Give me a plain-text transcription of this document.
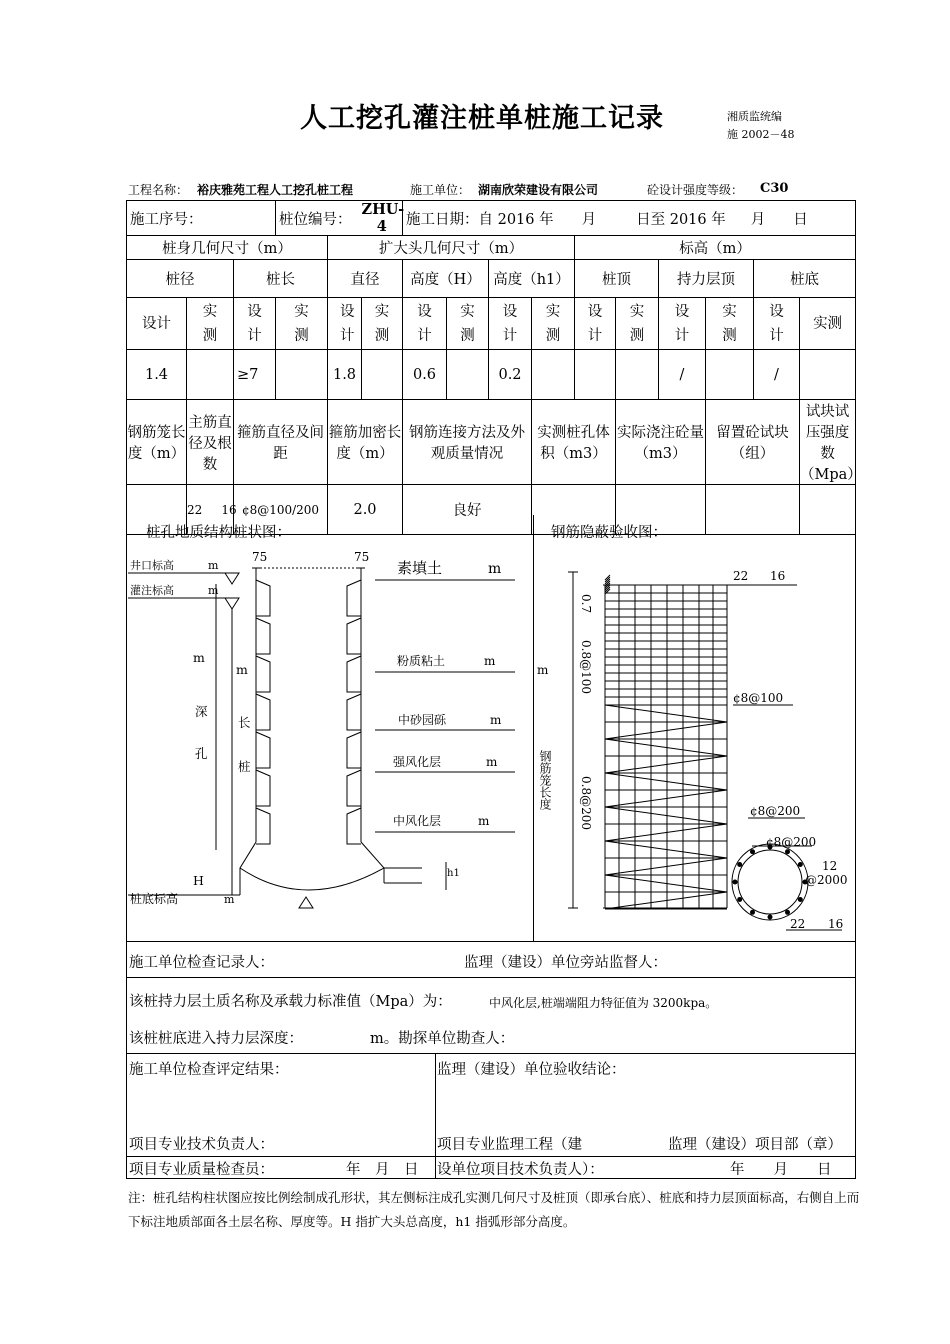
人工挖孔灌注桩单桩施工记录	湘质监统编
施 2002－48
工程名称： 裕庆雅苑工程人工挖孔桩工程	施工单位： 湖南欣荣建设有限公司	砼设计强度等级： C30
施工序号：			桩位编号：		ZHU-4	施工日期：自 2016 年 月 日至 2016 年 月 日									
桩身几何尺寸（m）				扩大头几何尺寸（m）						标高（m）					
桩径		桩长		直径		高度（H）		高度（h1）		桩顶		持力层顶		桩底	
设计	实测	设计	实测	设计	实测	设计	实测	设计	实测	设计	实测	设计	实测	设计	实测
1.4		≥7		1.8		0.6		0.2				/		/	
钢筋笼长度（m）	主筋直径及根数	箍筋直径及间距		箍筋加密长度（m）		钢筋连接方法及外观质量情况			实测桩孔体积（m3）		实际浇注砼量（m3）		留置砼试块（组）		试块试压强度数（Mpa）
	22 16	¢8@100/200		2.0		良好									
桩孔地质结构桩状图：	钢筋隐蔽验收图：
井口标高	m
灌注标高	m
桩底标高	m
75	75
m
深
孔
m
长
桩
H	h1
素填土	m
粉质粘土	m
中砂园砾	m
强风化层	m
中风化层	m
m
钢筋笼长度
0.7
0.8@100
0.8@200
22 16
¢8@100
¢8@200
¢8@200
12
@2000
22 16
施工单位检查记录人：	监理（建设）单位旁站监督人：
该桩持力层土质名称及承载力标准值（Mpa）为：	中风化层,桩端端阻力特征值为 3200kpa。
该桩桩底进入持力层深度：	m。勘探单位勘查人：
施工单位检查评定结果：	监理（建设）单位验收结论：
项目专业技术负责人：
项目专业质量检查员：	年　月　日
项目专业监理工程（建	监理（建设）项目部（章）
设单位项目技术负责人）：	年　　月　　日
注：桩孔结构柱状图应按比例绘制成孔形状，其左侧标注成孔实测几何尺寸及桩顶（即承台底）、桩底和持力层顶面标高，右侧自上而下标注地质部面各土层名称、厚度等。H 指扩大头总高度，h1 指弧形部分高度。
